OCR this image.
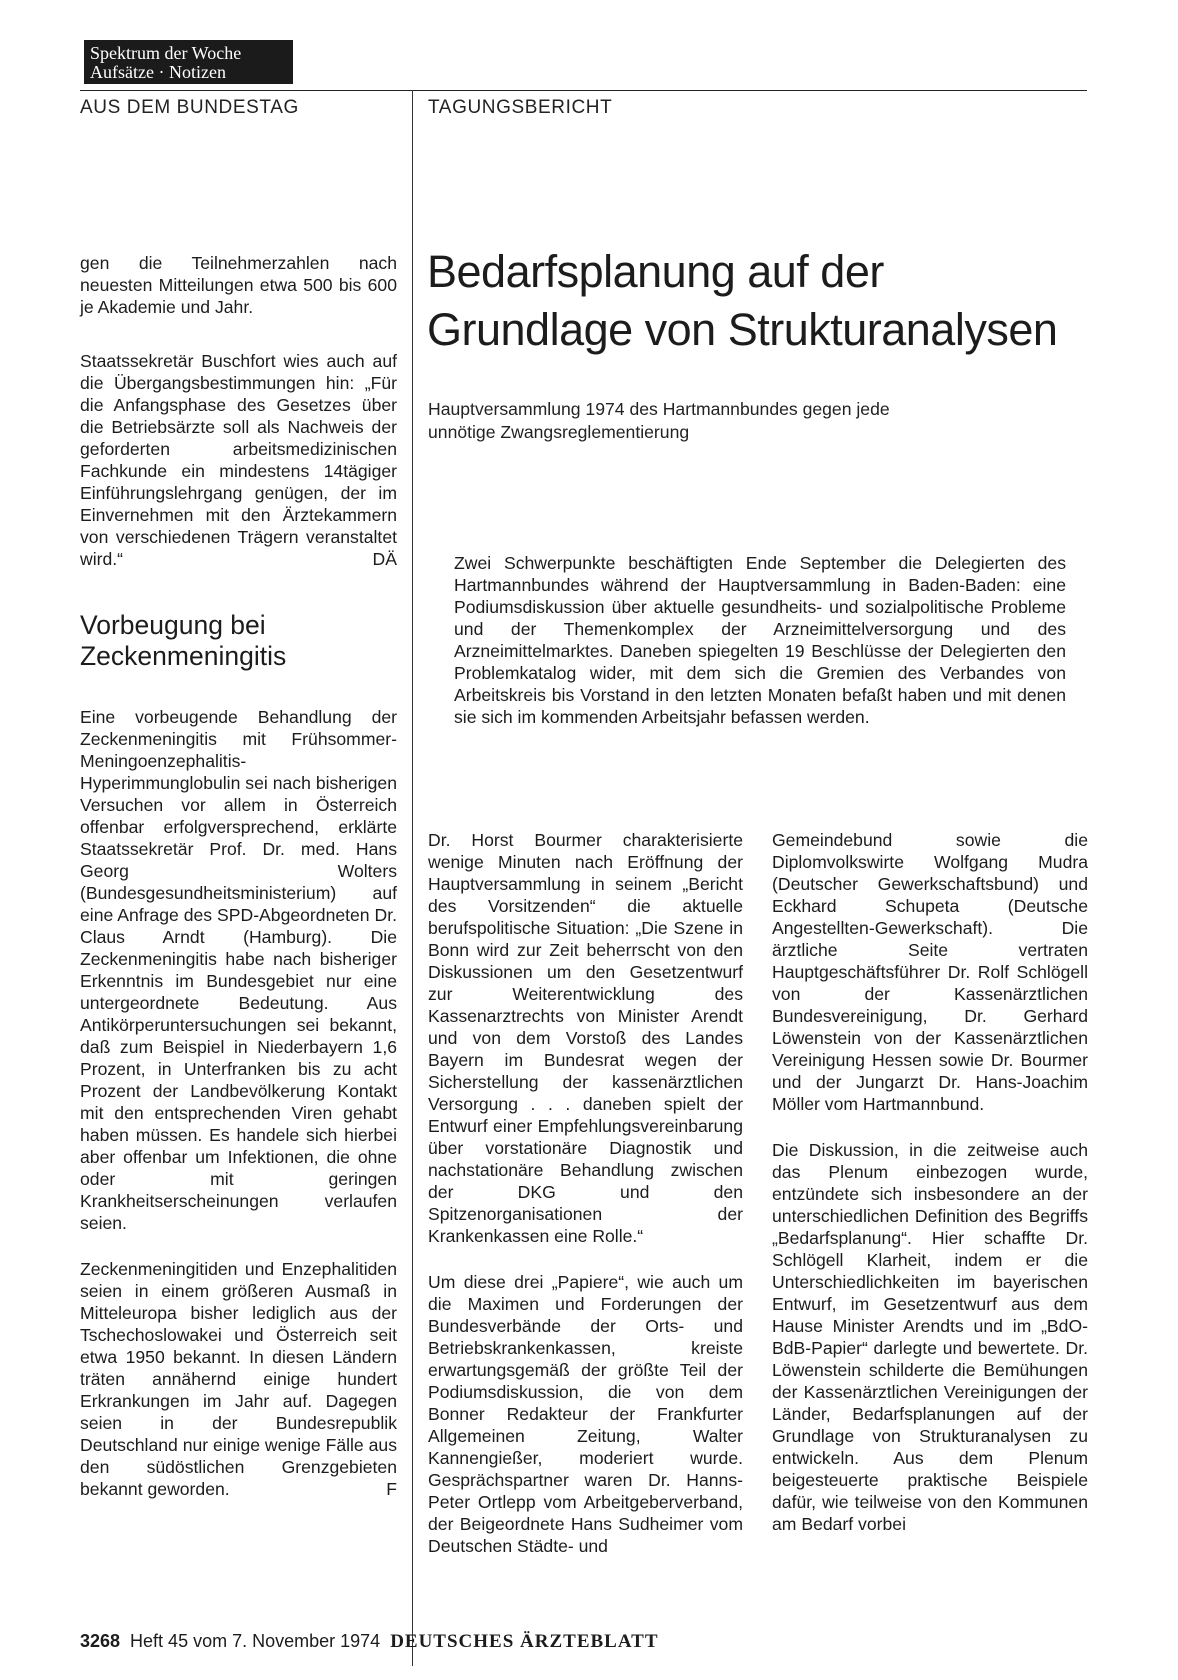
Spektrum der Woche
Aufsätze · Notizen
AUS DEM BUNDESTAG	TAGUNGSBERICHT

gen die Teilnehmerzahlen nach neuesten Mitteilungen etwa 500 bis 600 je Akademie und Jahr.

Staatssekretär Buschfort wies auch auf die Übergangsbestimmungen hin: „Für die Anfangsphase des Gesetzes über die Betriebsärzte soll als Nachweis der geforderten arbeitsmedizinischen Fachkunde ein mindestens 14tägiger Einführungslehrgang genügen, der im Einvernehmen mit den Ärztekammern von verschiedenen Trägern veranstaltet wird.“	DÄ

Vorbeugung bei Zeckenmeningitis

Eine vorbeugende Behandlung der Zeckenmeningitis mit Frühsommer-Meningoenzephalitis-Hyperimmunglobulin sei nach bisherigen Versuchen vor allem in Österreich offenbar erfolgversprechend, erklärte Staatssekretär Prof. Dr. med. Hans Georg Wolters (Bundesgesundheitsministerium) auf eine Anfrage des SPD-Abgeordneten Dr. Claus Arndt (Hamburg). Die Zeckenmeningitis habe nach bisheriger Erkenntnis im Bundesgebiet nur eine untergeordnete Bedeutung. Aus Antikörperuntersuchungen sei bekannt, daß zum Beispiel in Niederbayern 1,6 Prozent, in Unterfranken bis zu acht Prozent der Landbevölkerung Kontakt mit den entsprechenden Viren gehabt haben müssen. Es handele sich hierbei aber offenbar um Infektionen, die ohne oder mit geringen Krankheitserscheinungen verlaufen seien.

Zeckenmeningitiden und Enzephalitiden seien in einem größeren Ausmaß in Mitteleuropa bisher lediglich aus der Tschechoslowakei und Österreich seit etwa 1950 bekannt. In diesen Ländern träten annähernd einige hundert Erkrankungen im Jahr auf. Dagegen seien in der Bundesrepublik Deutschland nur einige wenige Fälle aus den südöstlichen Grenzgebieten bekannt geworden.	F

Bedarfsplanung auf der Grundlage von Strukturanalysen
Hauptversammlung 1974 des Hartmannbundes gegen jede unnötige Zwangsreglementierung
Zwei Schwerpunkte beschäftigten Ende September die Delegierten des Hartmannbundes während der Hauptversammlung in Baden-Baden: eine Podiumsdiskussion über aktuelle gesundheits- und sozialpolitische Probleme und der Themenkomplex der Arzneimittelversorgung und des Arzneimittelmarktes. Daneben spiegelten 19 Beschlüsse der Delegierten den Problemkatalog wider, mit dem sich die Gremien des Verbandes von Arbeitskreis bis Vorstand in den letzten Monaten befaßt haben und mit denen sie sich im kommenden Arbeitsjahr befassen werden.

Dr. Horst Bourmer charakterisierte wenige Minuten nach Eröffnung der Hauptversammlung in seinem „Bericht des Vorsitzenden“ die aktuelle berufspolitische Situation: „Die Szene in Bonn wird zur Zeit beherrscht von den Diskussionen um den Gesetzentwurf zur Weiterentwicklung des Kassenarztrechts von Minister Arendt und von dem Vorstoß des Landes Bayern im Bundesrat wegen der Sicherstellung der kassenärztlichen Versorgung . . . daneben spielt der Entwurf einer Empfehlungsvereinbarung über vorstationäre Diagnostik und nachstationäre Behandlung zwischen der DKG und den Spitzenorganisationen der Krankenkassen eine Rolle.“

Um diese drei „Papiere“, wie auch um die Maximen und Forderungen der Bundesverbände der Orts- und Betriebskrankenkassen, kreiste erwartungsgemäß der größte Teil der Podiumsdiskussion, die von dem Bonner Redakteur der Frankfurter Allgemeinen Zeitung, Walter Kannengießer, moderiert wurde. Gesprächspartner waren Dr. Hanns-Peter Ortlepp vom Arbeitgeberverband, der Beigeordnete Hans Sudheimer vom Deutschen Städte- und

Gemeindebund sowie die Diplomvolkswirte Wolfgang Mudra (Deutscher Gewerkschaftsbund) und Eckhard Schupeta (Deutsche Angestellten-Gewerkschaft). Die ärztliche Seite vertraten Hauptgeschäftsführer Dr. Rolf Schlögell von der Kassenärztlichen Bundesvereinigung, Dr. Gerhard Löwenstein von der Kassenärztlichen Vereinigung Hessen sowie Dr. Bourmer und der Jungarzt Dr. Hans-Joachim Möller vom Hartmannbund.

Die Diskussion, in die zeitweise auch das Plenum einbezogen wurde, entzündete sich insbesondere an der unterschiedlichen Definition des Begriffs „Bedarfsplanung“. Hier schaffte Dr. Schlögell Klarheit, indem er die Unterschiedlichkeiten im bayerischen Entwurf, im Gesetzentwurf aus dem Hause Minister Arendts und im „BdO-BdB-Papier“ darlegte und bewertete. Dr. Löwenstein schilderte die Bemühungen der Kassenärztlichen Vereinigungen der Länder, Bedarfsplanungen auf der Grundlage von Strukturanalysen zu entwickeln. Aus dem Plenum beigesteuerte praktische Beispiele dafür, wie teilweise von den Kommunen am Bedarf vorbei

3268 Heft 45 vom 7. November 1974 DEUTSCHES ÄRZTEBLATT
